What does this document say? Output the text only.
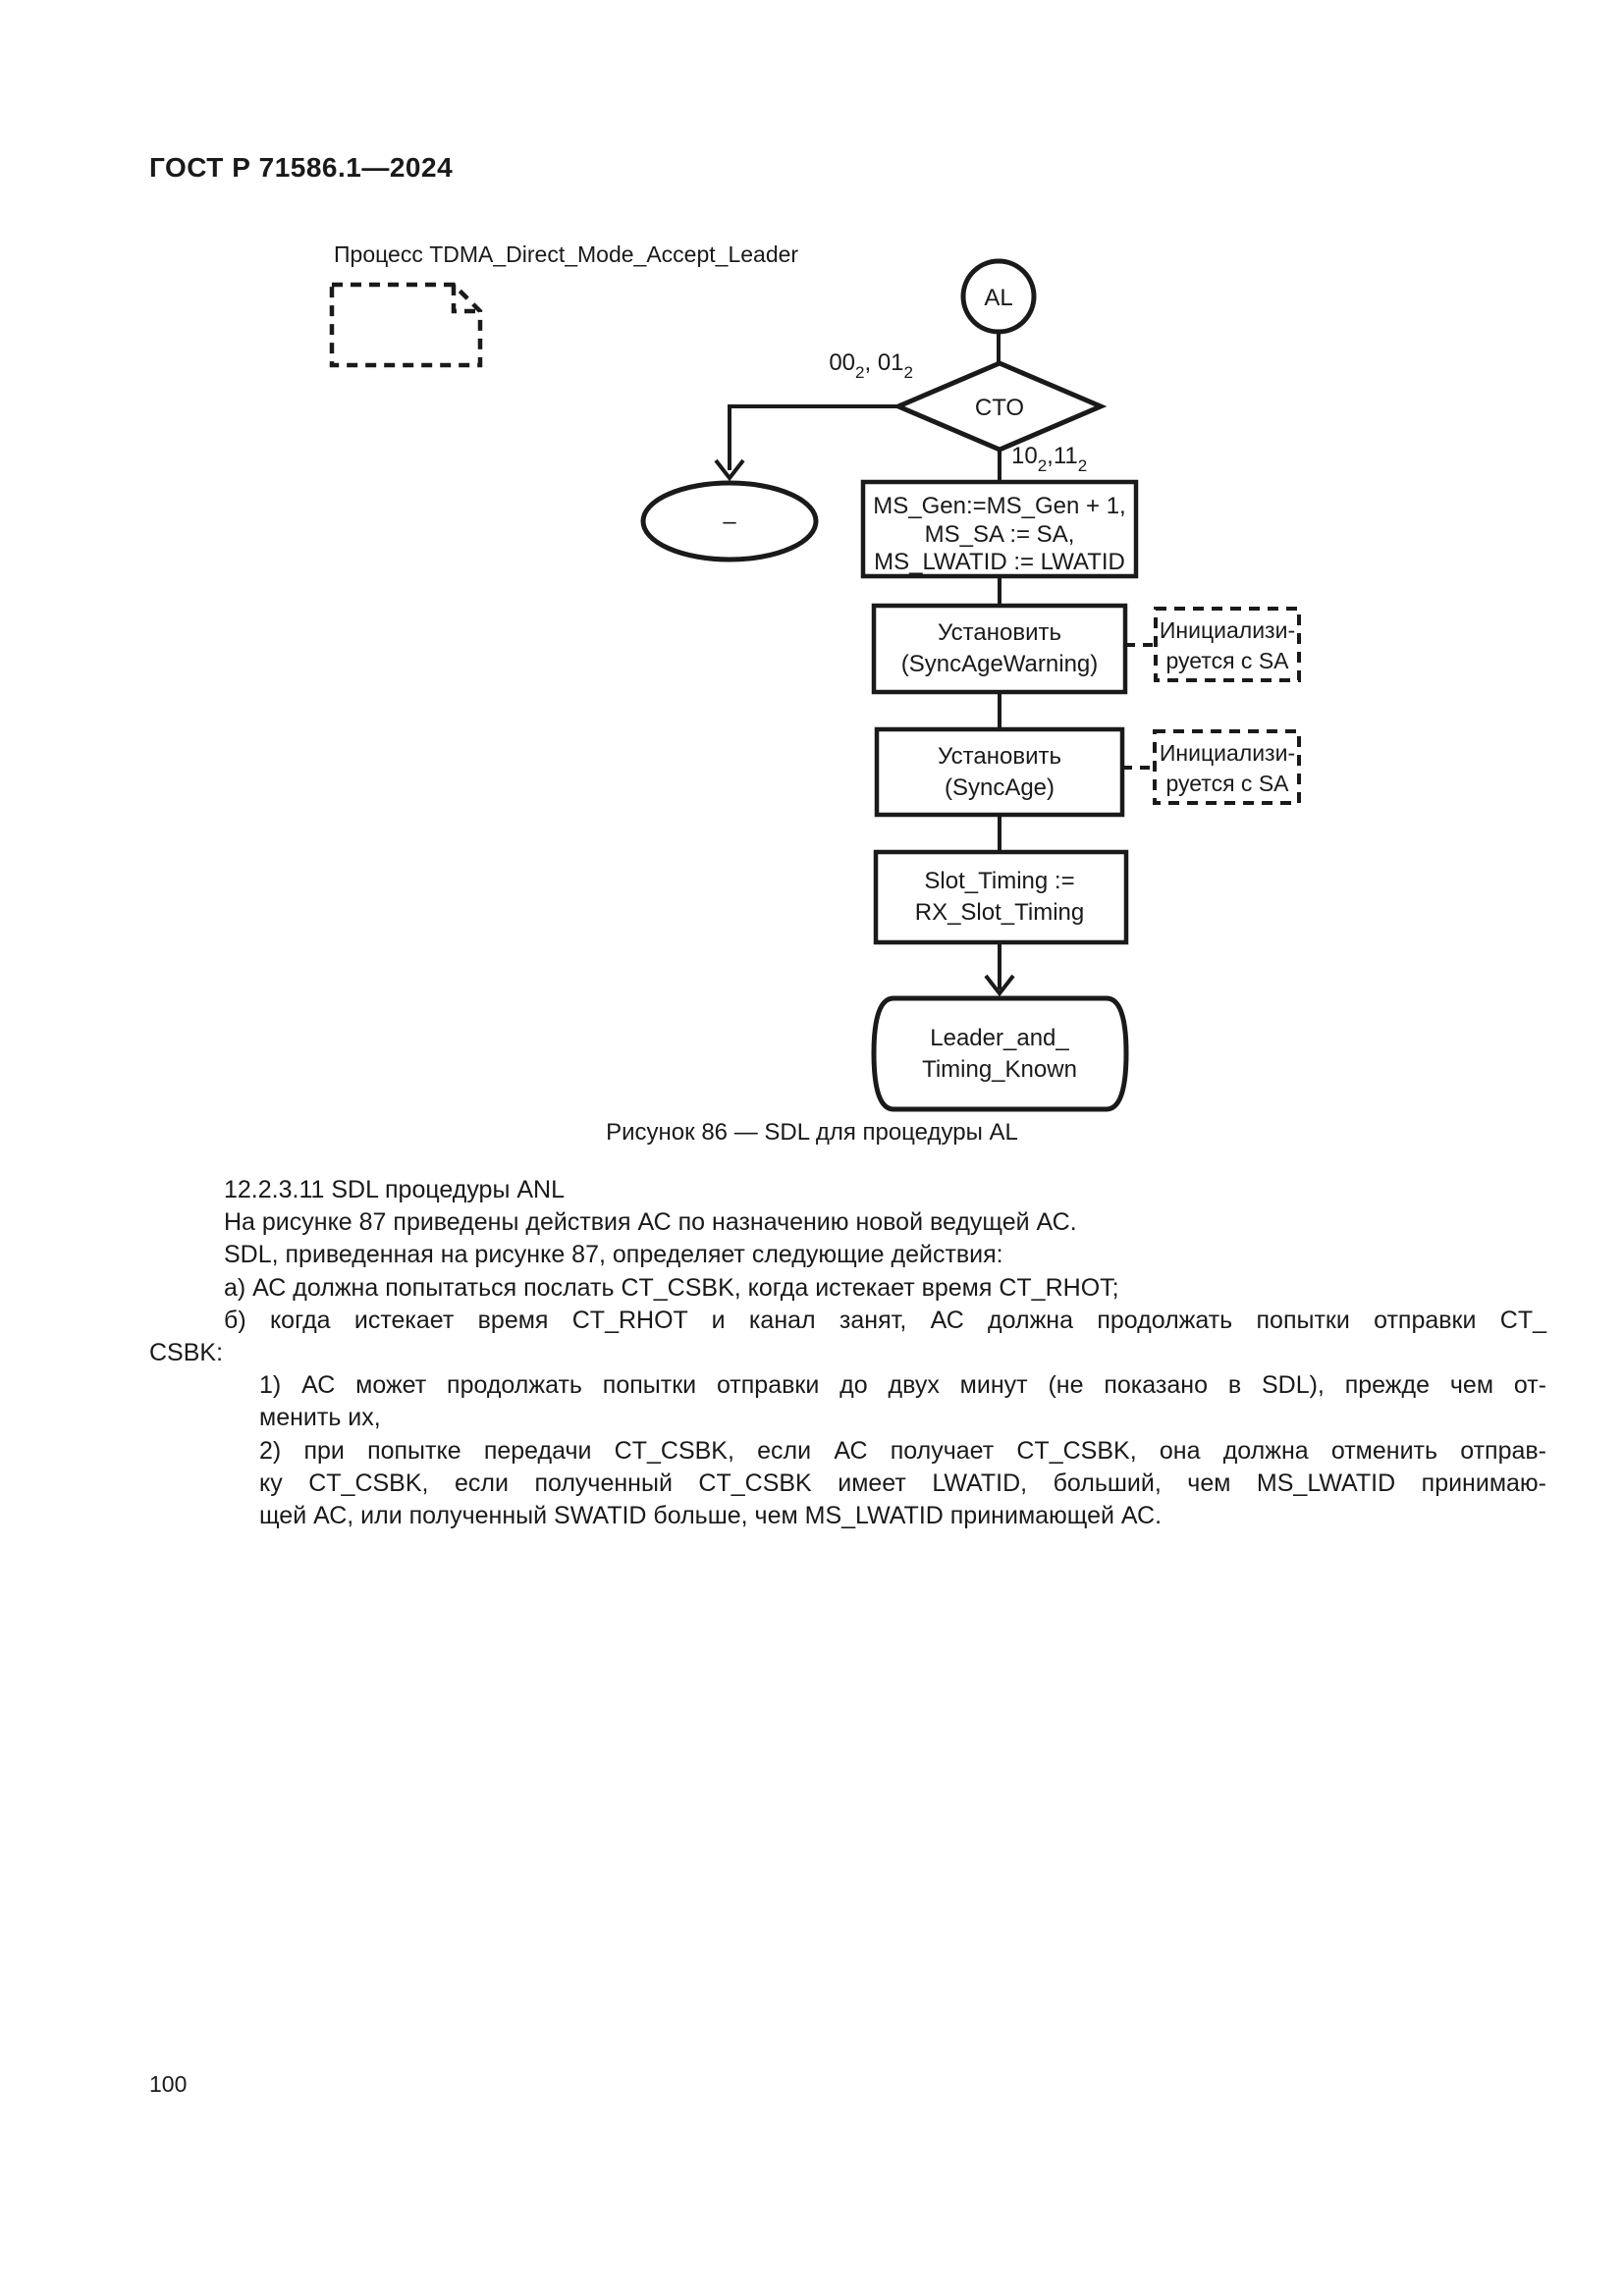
ГОСТ Р 71586.1—2024
Процесс TDMA_Direct_Mode_Accept_Leader
AL
CTO
$00_2$, $01_2$
–
$10_2,11_2$
MS_Gen:=MS_Gen + 1,
MS_SA := SA,
MS_LWATID := LWATID
Установить
(SyncAgeWarning)
Инициализи-
руется с SA
Установить
(SyncAge)
Инициализи-
руется с SA
Slot_Timing :=
RX_Slot_Timing
Leader_and_
Timing_Known
Рисунок 86 — SDL для процедуры AL
12.2.3.11 SDL процедуры ANL
На рисунке 87 приведены действия АС по назначению новой ведущей АС.
SDL, приведенная на рисунке 87, определяет следующие действия:
а) АС должна попытаться послать CT_CSBK, когда истекает время CT_RHOT;
б) когда истекает время CT_RHOT и канал занят, АС должна продолжать попытки отправки CT_
CSBK:
1) АС может продолжать попытки отправки до двух минут (не показано в SDL), прежде чем от-
менить их,
2) при попытке передачи CT_CSBK, если АС получает CT_CSBK, она должна отменить отправ-
ку CT_CSBK, если полученный CT_CSBK имеет LWATID, больший, чем MS_LWATID принимаю-
щей АС, или полученный SWATID больше, чем MS_LWATID принимающей АС.
100
